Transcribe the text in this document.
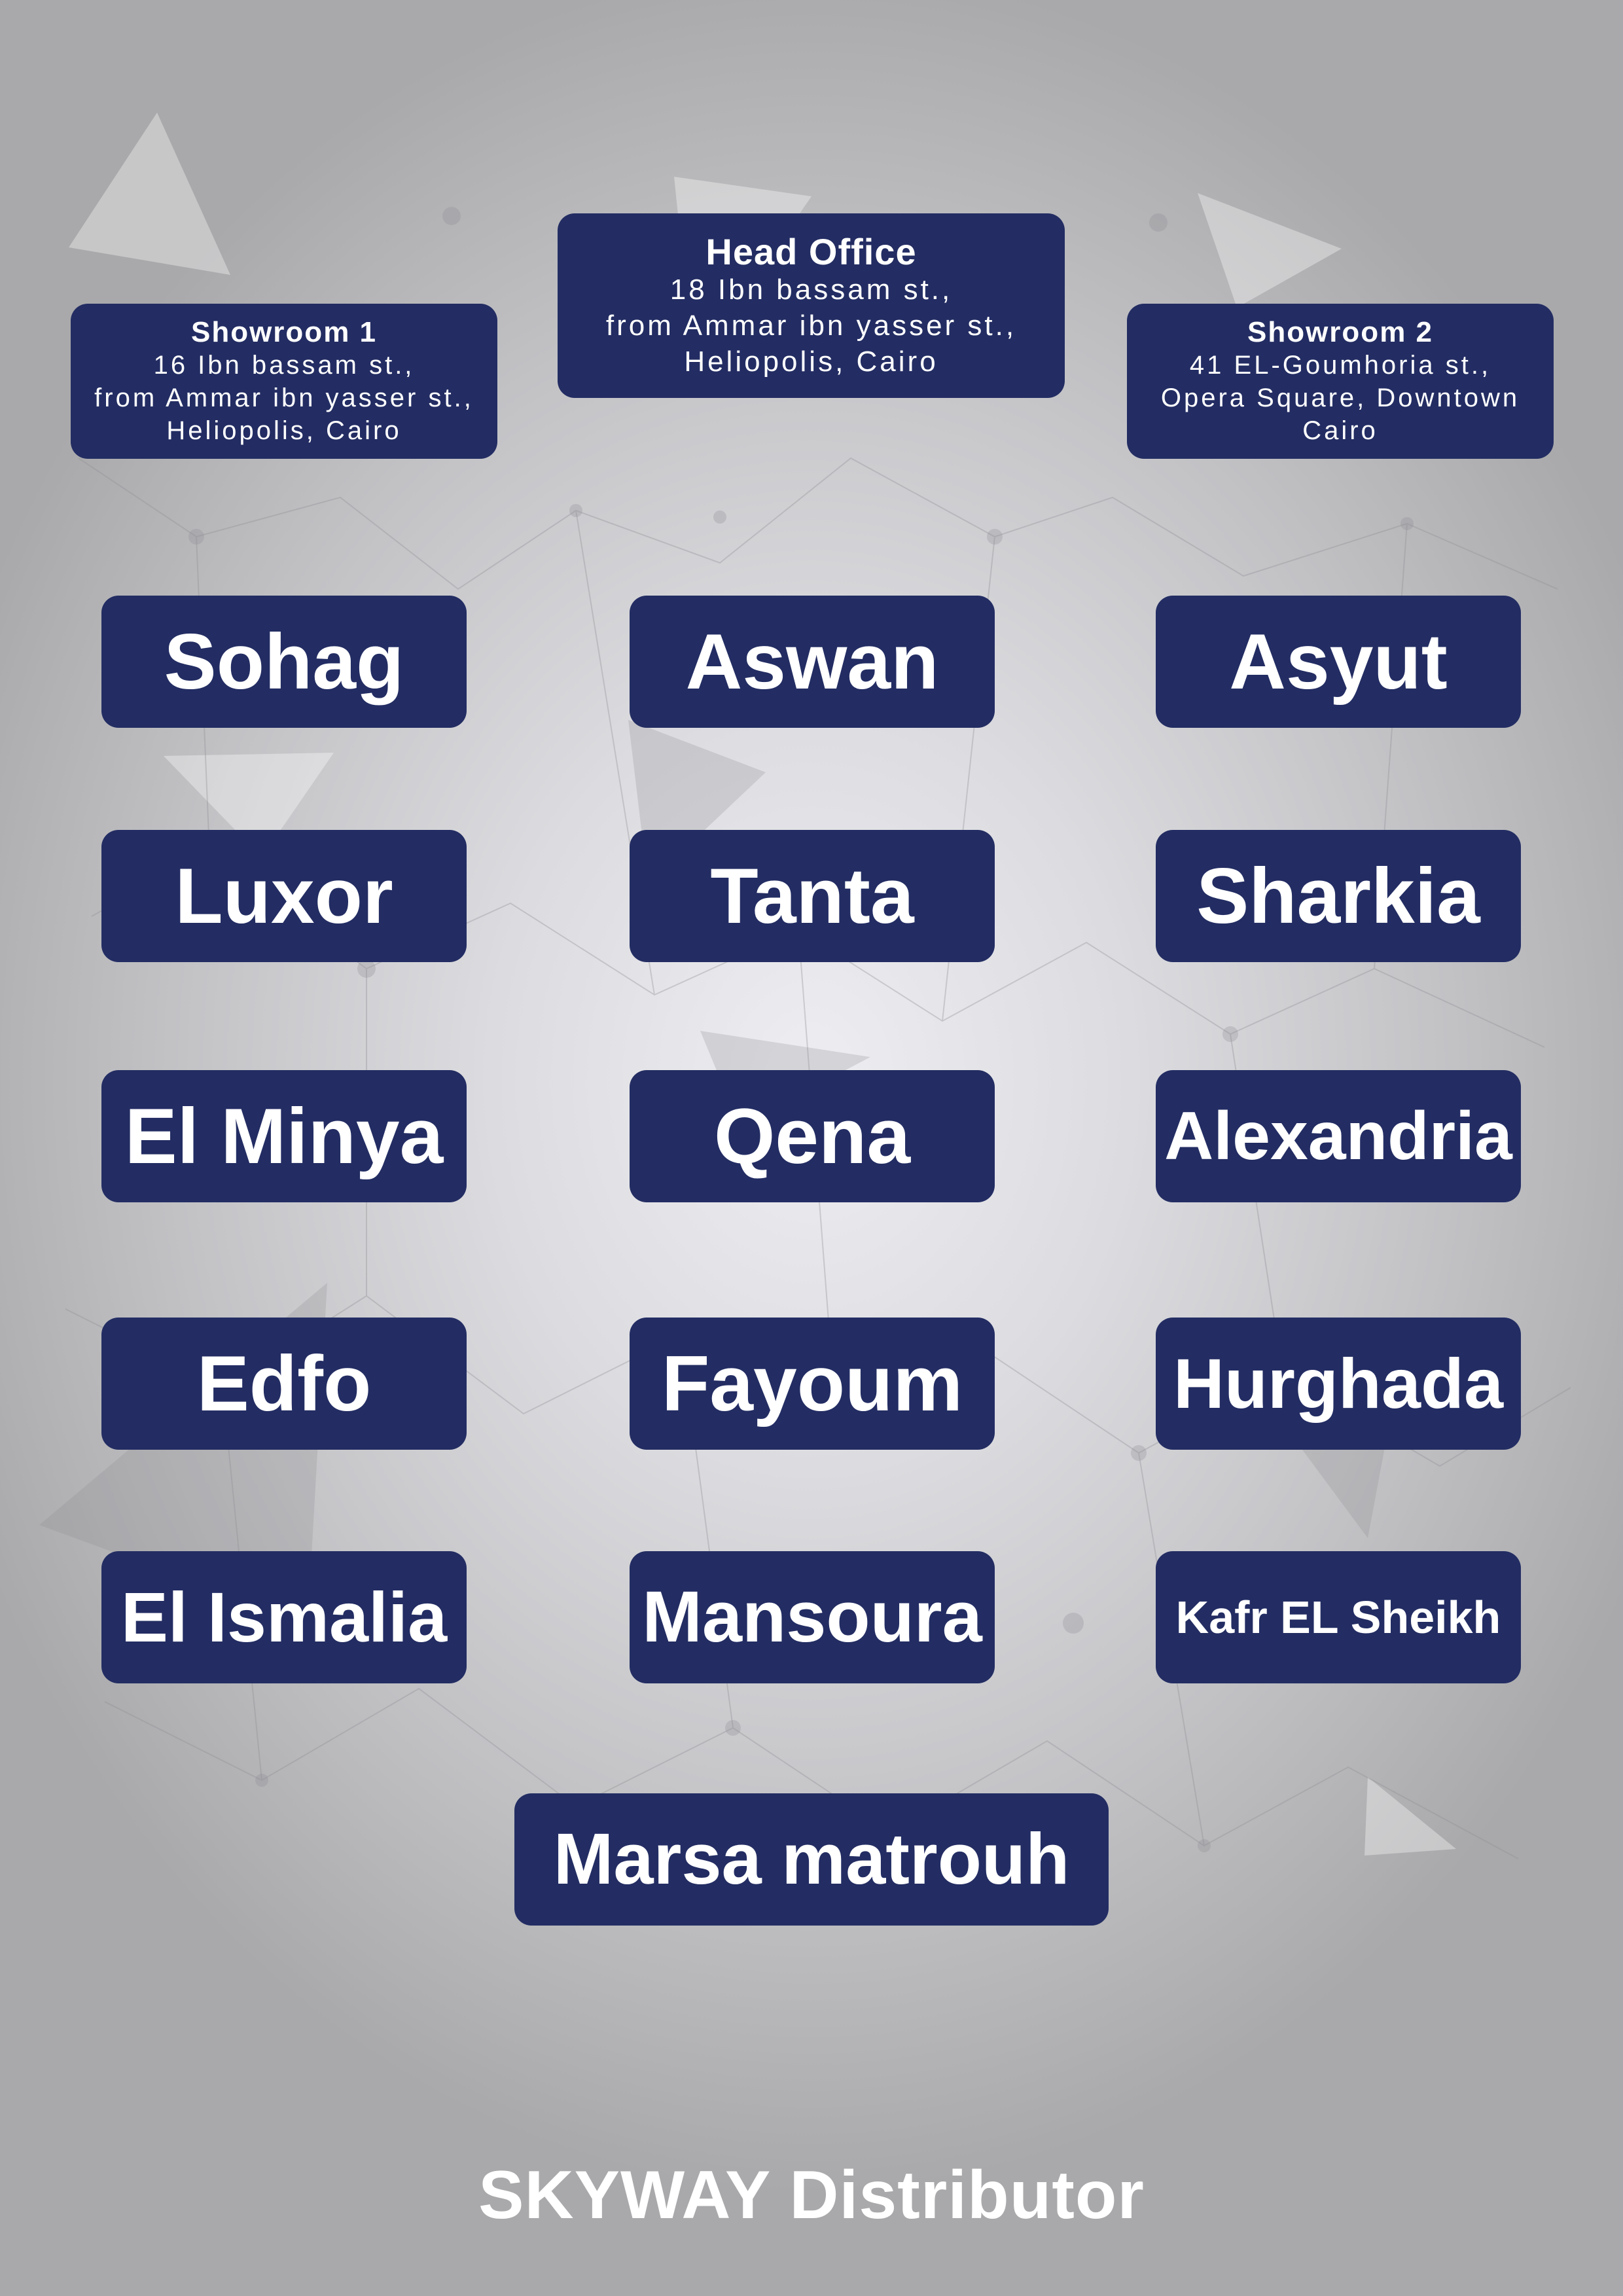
Showroom 1
16 Ibn bassam st.,
from Ammar ibn yasser st.,
Heliopolis, Cairo
Head Office
18 Ibn bassam st.,
from Ammar ibn yasser st.,
Heliopolis, Cairo
Showroom 2
41 EL-Goumhoria st.,
Opera Square, Downtown
Cairo
Sohag	Aswan	Asyut
Luxor	Tanta	Sharkia
El Minya	Qena	Alexandria
Edfo	Fayoum	Hurghada
El Ismalia	Mansoura	Kafr EL Sheikh
Marsa matrouh
SKYWAY Distributor
